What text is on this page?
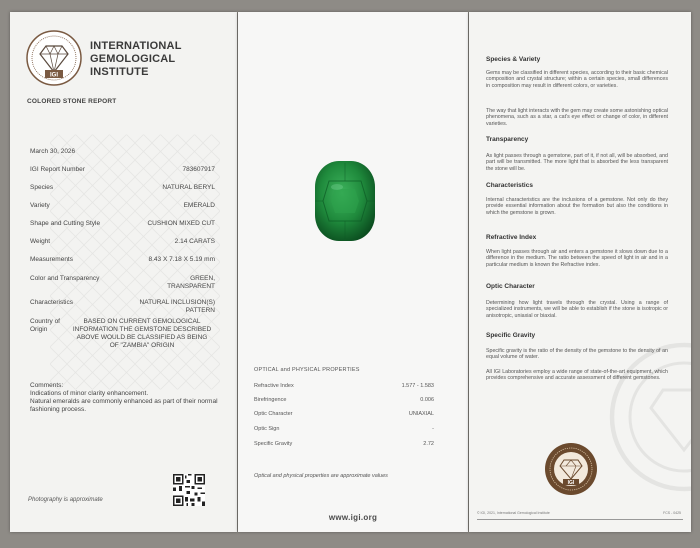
IGI
INTERNATIONAL
GEMOLOGICAL
INSTITUTE
COLORED STONE REPORT
March 30, 2026
IGI Report Number	783607917
Species	NATURAL BERYL
Variety	EMERALD
Shape and Cutting Style	CUSHION MIXED CUT
Weight	2.14 CARATS
Measurements	8.43 X 7.18 X 5.19 mm
Color and Transparency	GREEN, TRANSPARENT
Characteristics	NATURAL INCLUSION(S) PATTERN
Country of Origin
BASED ON CURRENT GEMOLOGICAL INFORMATION THE GEMSTONE DESCRIBED ABOVE WOULD BE CLASSIFIED AS BEING OF "ZAMBIA" ORIGIN
Comments:
Indications of minor clarity enhancement.
Natural emeralds are commonly enhanced as part of their normal fashioning process.
Photography is approximate
OPTICAL and PHYSICAL PROPERTIES
Refractive Index	1.577 - 1.583
Birefringence	0.006
Optic Character	UNIAXIAL
Optic Sign	-
Specific Gravity	2.72
Optical and physical properties are approximate values
www.igi.org
Species & Variety
Gems may be classified in different species, according to their basic chemical composition and crystal structure; within a certain species, small differences in composition may result in different colors, or varieties.
The way that light interacts with the gem may create some astonishing optical phenomena, such as a star, a cat's eye effect or change of color, in different varieties.
Transparency
As light passes through a gemstone, part of it, if not all, will be absorbed, and part will be transmitted. The more light that is absorbed the less transparent the stone will be.
Characteristics
Internal characteristics are the inclusions of a gemstone. Not only do they provide essential information about the formation but also the conditions in which the gemstone is grown.
Refractive Index
When light passes through air and enters a gemstone it slows down due to a difference in the medium. The ratio between the speed of light in air and in a particular medium is known the Refractive index.
Optic Character
Determining how light travels through the crystal. Using a range of specialized instruments, we will be able to establish if the stone is isotropic or anisotropic, uniaxial or biaxial.
Specific Gravity
Specific gravity is the ratio of the density of the gemstone to the density of an equal volume of water.
All IGI Laboratories employ a wide range of state-of-the-art equipment, which provides comprehensive and accurate assessment of different gemstones.
IGI
© IGI, 2021, International Gemological Institute	FCS - 0425
